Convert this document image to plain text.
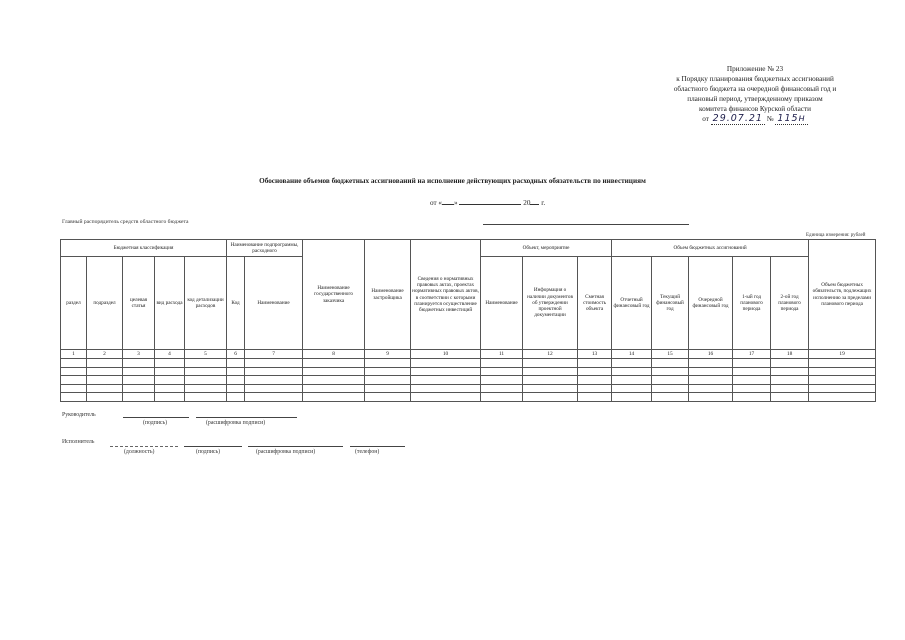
Приложение № 23
к Порядку планирования бюджетных ассигнований
областного бюджета на очередной финансовый год и
плановый период, утвержденному приказом
комитета финансов Курской области
от 29.07.21 № 115н
Обоснование объемов бюджетных ассигнований на исполнение действующих расходных обязательств по инвестициям
от « »	20 г.
Главный распорядитель средств областного бюджета
Единица измерения: рублей
Бюджетная классификация					Наименование подпрограммы, расходного		Наименование государственного заказчика	Наименование застройщика	Сведения о нормативных правовых актах, проектах нормативных правовых актов, в соответствии с которыми планируется осуществление бюджетных инвестиций	Объект, мероприятие			Объем бюджетных ассигнований					Объем бюджетных обязательств, подлежащих исполнению за пределами планового периода
раздел	подраздел	целевая статья	вид расхода	код детализации расходов	Код	Наименование				Наименование	Информация о наличии документов об утверждении проектной документации	Сметная стоимость объекта	Отчетный финансовый год	Текущий финансовый год	Очередной финансовый год	1-ый год планового периода	2-ой год планового периода	
1	2	3	4	5	6	7	8	9	10	11	12	13	14	15	16	17	18	19

Руководитель
(подпись)	(расшифровка подписи)
Исполнитель
(должность)	(подпись)	(расшифровка подписи)	(телефон)
